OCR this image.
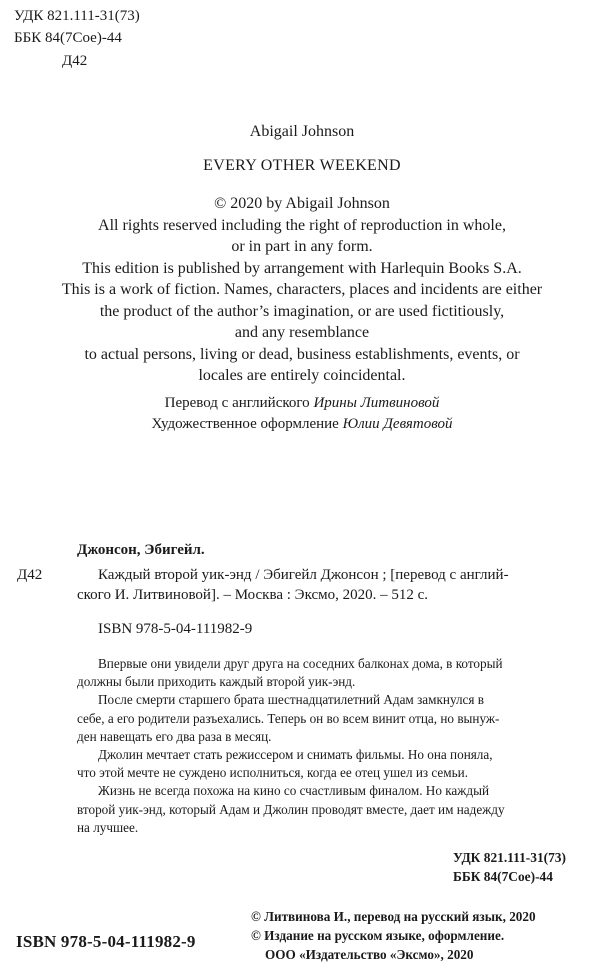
УДК 821.111-31(73)
ББК 84(7Сое)-44
Д42
Abigail Johnson
EVERY OTHER WEEKEND
© 2020 by Abigail Johnson
All rights reserved including the right of reproduction in whole,
or in part in any form.
This edition is published by arrangement with Harlequin Books S.A.
This is a work of fiction. Names, characters, places and incidents are either
the product of the author’s imagination, or are used fictitiously,
and any resemblance
to actual persons, living or dead, business establishments, events, or
locales are entirely coincidental.
Перевод с английского Ирины Литвиновой
Художественное оформление Юлии Девятовой
Джонсон, Эбигейл.
Д42	Каждый второй уик-энд / Эбигейл Джонсон ; [перевод с англий-
ского И. Литвиновой]. – Москва : Эксмо, 2020. – 512 с.
ISBN 978-5-04-111982-9
Впервые они увидели друг друга на соседних балконах дома, в который
должны были приходить каждый второй уик-энд.
После смерти старшего брата шестнадцатилетний Адам замкнулся в
себе, а его родители разъехались. Теперь он во всем винит отца, но вынуж-
ден навещать его два раза в месяц.
Джолин мечтает стать режиссером и снимать фильмы. Но она поняла,
что этой мечте не суждено исполниться, когда ее отец ушел из семьи.
Жизнь не всегда похожа на кино со счастливым финалом. Но каждый
второй уик-энд, который Адам и Джолин проводят вместе, дает им надежду
на лучшее.
УДК 821.111-31(73)
ББК 84(7Сое)-44
© Литвинова И., перевод на русский язык, 2020
© Издание на русском языке, оформление.
ООО «Издательство «Эксмо», 2020
ISBN 978-5-04-111982-9
